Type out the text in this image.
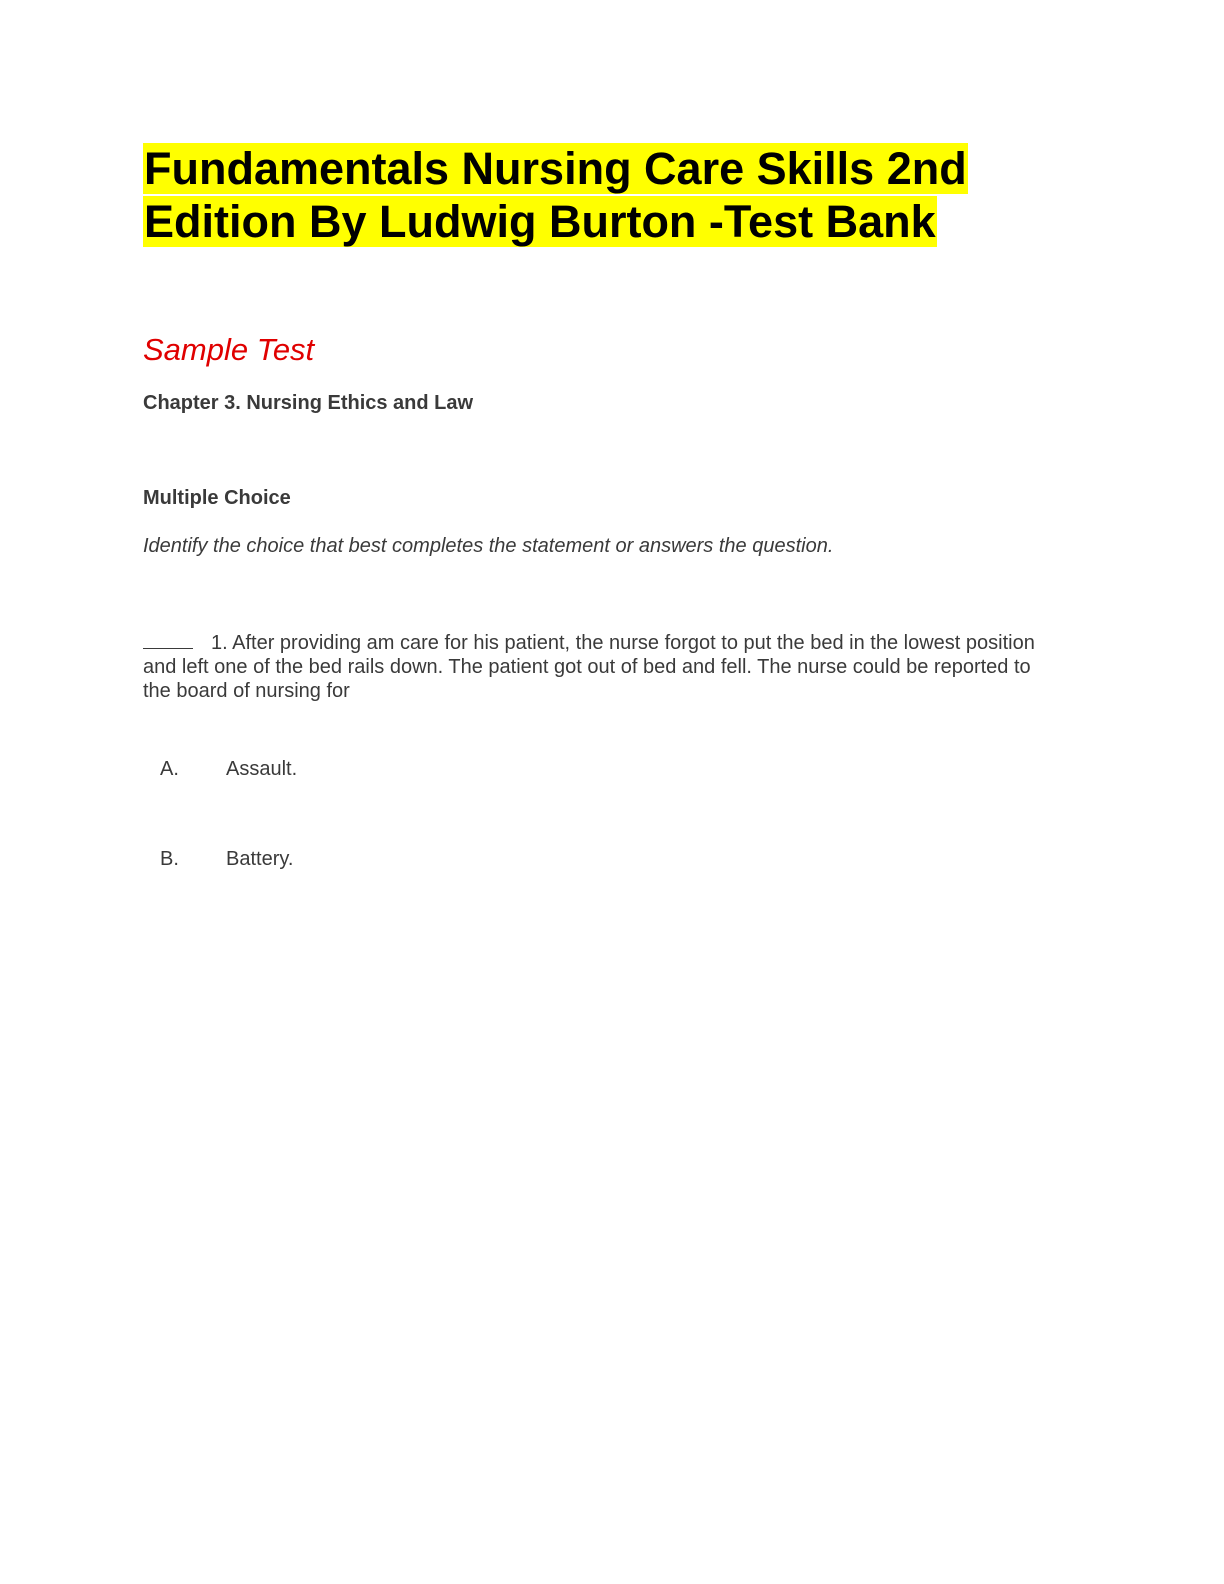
Fundamentals Nursing Care Skills 2nd Edition By Ludwig Burton -Test Bank
Sample Test

Chapter 3. Nursing Ethics and Law

Multiple Choice

Identify the choice that best completes the statement or answers the question.

1. After providing am care for his patient, the nurse forgot to put the bed in the lowest position and left one of the bed rails down. The patient got out of bed and fell. The nurse could be reported to the board of nursing for

A. Assault.

B. Battery.
